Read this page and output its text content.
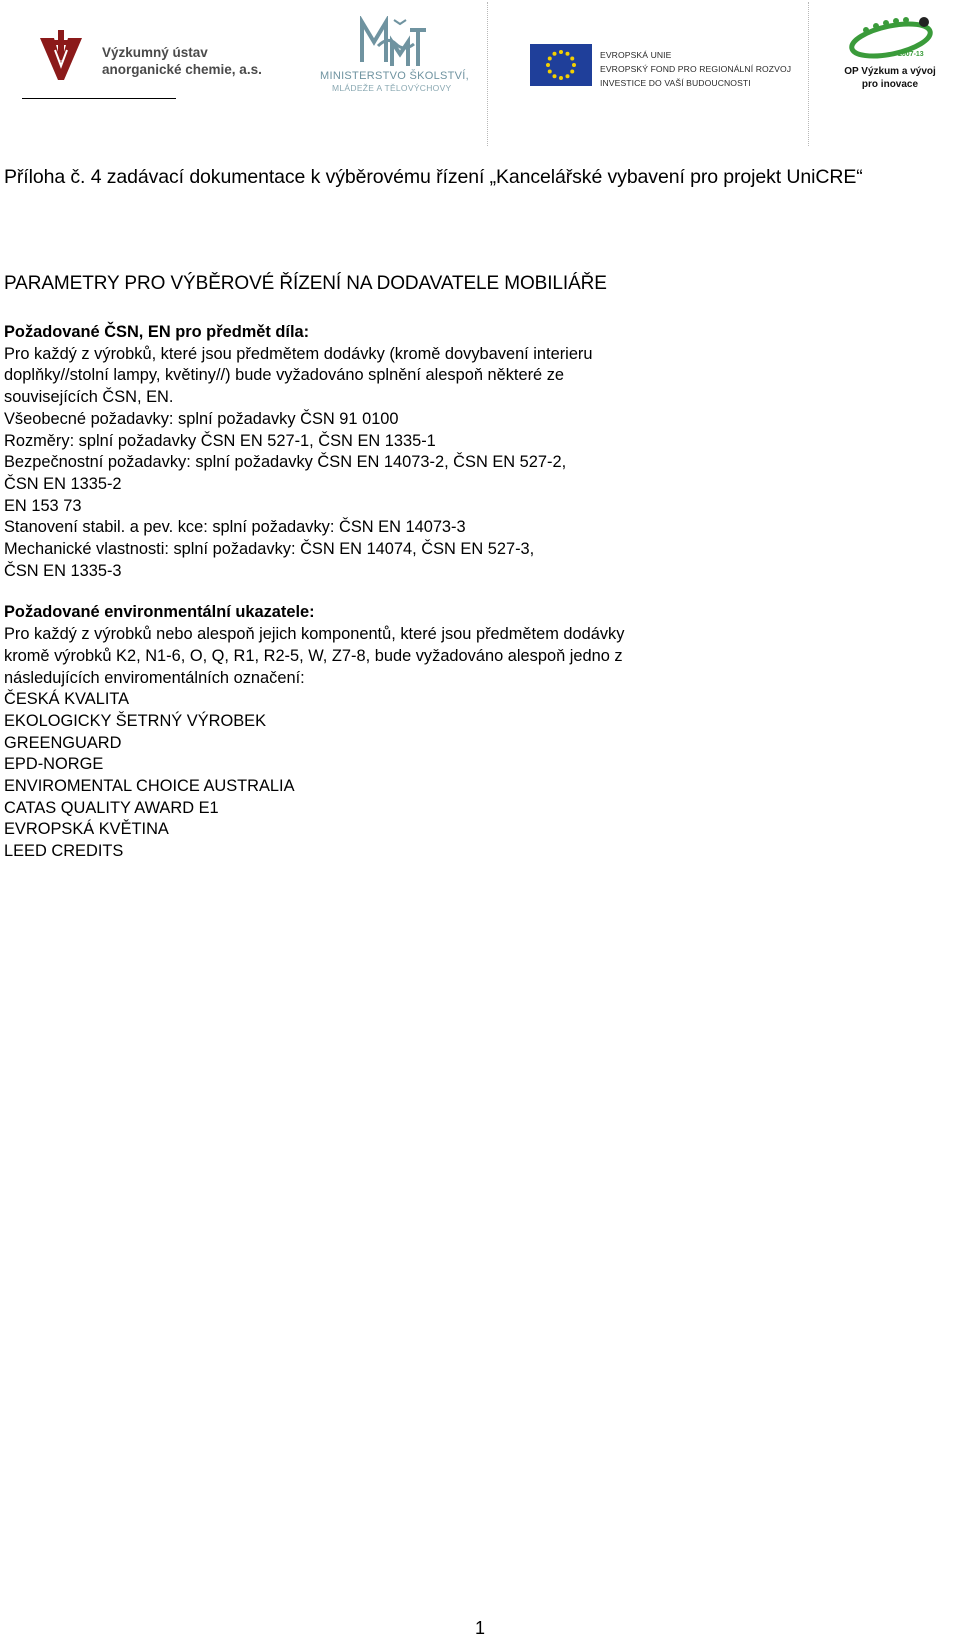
Výzkumný ústav
anorganické chemie, a.s.	MINISTERSTVO ŠKOLSTVÍ,
MLÁDEŽE A TĚLOVÝCHOVY
EVROPSKÁ UNIE
EVROPSKÝ FOND PRO REGIONÁLNÍ ROZVOJ
INVESTICE DO VAŠÍ BUDOUCNOSTI
2007-13
OP Výzkum a vývoj
pro inovace
Příloha č. 4 zadávací dokumentace k výběrovému řízení „Kancelářské vybavení pro projekt UniCRE“
PARAMETRY PRO VÝBĚROVÉ ŘÍZENÍ NA DODAVATELE MOBILIÁŘE

Požadované ČSN, EN pro předmět díla:

Pro každý z výrobků, které jsou předmětem dodávky (kromě dovybavení interieru

doplňky//stolní lampy, květiny//) bude vyžadováno splnění alespoň některé ze

souvisejících ČSN, EN.

Všeobecné požadavky: splní požadavky ČSN 91 0100

Rozměry: splní požadavky ČSN EN 527-1, ČSN EN 1335-1

Bezpečnostní požadavky: splní požadavky ČSN EN 14073-2, ČSN EN 527-2,

ČSN EN 1335-2

EN 153 73

Stanovení stabil. a pev. kce: splní požadavky: ČSN EN 14073-3

Mechanické vlastnosti: splní požadavky: ČSN EN 14074, ČSN EN 527-3,

ČSN EN 1335-3

Požadované environmentální ukazatele:

Pro každý z výrobků nebo alespoň jejich komponentů, které jsou předmětem dodávky

kromě výrobků K2, N1-6, O, Q, R1, R2-5, W, Z7-8, bude vyžadováno alespoň jedno z

následujících enviromentálních označení:

ČESKÁ KVALITA

EKOLOGICKY ŠETRNÝ VÝROBEK

GREENGUARD

EPD-NORGE

ENVIROMENTAL CHOICE AUSTRALIA

CATAS QUALITY AWARD E1

EVROPSKÁ KVĚTINA

LEED CREDITS

1
